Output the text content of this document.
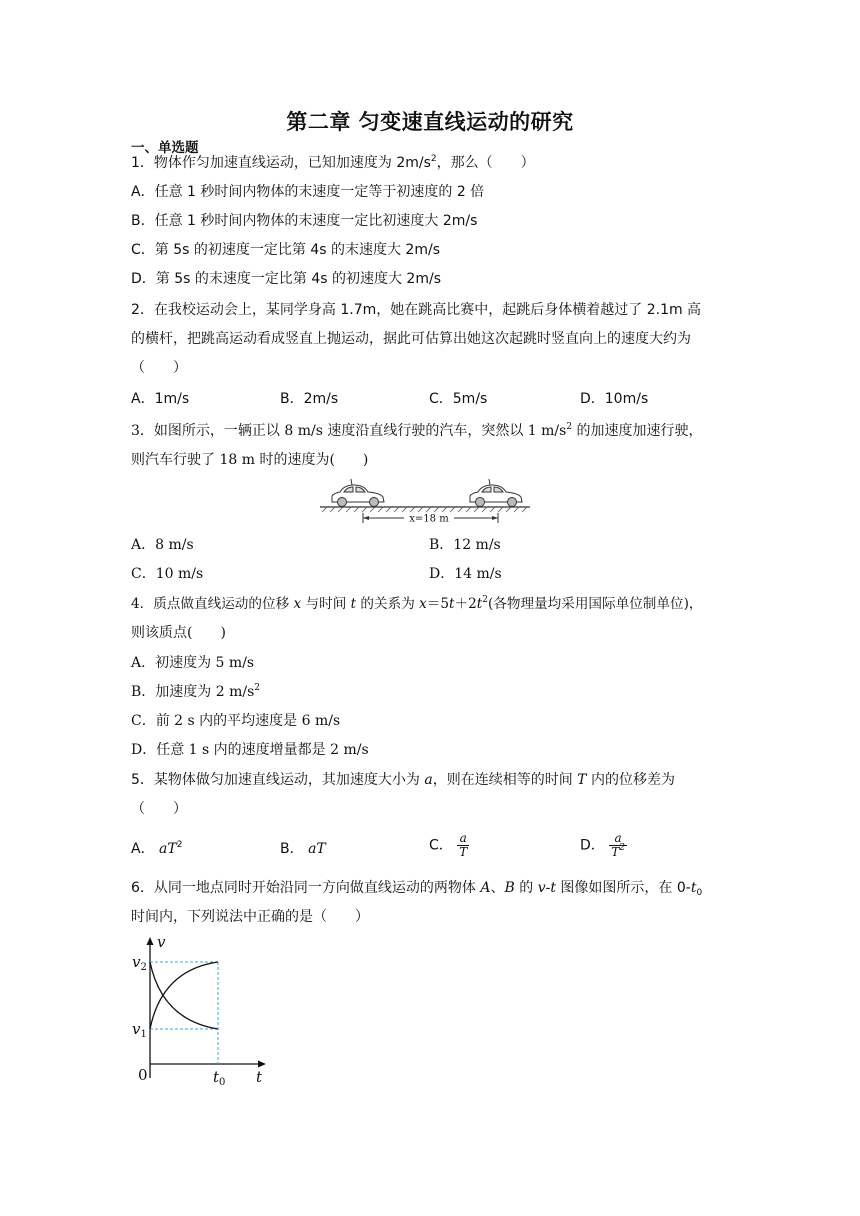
第二章 匀变速直线运动的研究
一、单选题
1．物体作匀加速直线运动，已知加速度为 $2m/s^2$，那么（　　）
A．任意 1 秒时间内物体的末速度一定等于初速度的 2 倍
B．任意 1 秒时间内物体的末速度一定比初速度大 2m/s
C．第 5s 的初速度一定比第 4s 的末速度大 2m/s
D．第 5s 的末速度一定比第 4s 的初速度大 2m/s
2．在我校运动会上，某同学身高 1.7m，她在跳高比赛中，起跳后身体横着越过了 2.1m 高
的横杆，把跳高运动看成竖直上抛运动，据此可估算出她这次起跳时竖直向上的速度大约为
（　　）
A．1m/s	B．2m/s	C．5m/s	D．10m/s
3．如图所示，一辆正以 8 m/s 速度沿直线行驶的汽车，突然以 1 $m/s^2$ 的加速度加速行驶，
则汽车行驶了 18 m 时的速度为(　　)
x=18 m
A．8 m/s	B．12 m/s
C．10 m/s	D．14 m/s
4．质点做直线运动的位移 x 与时间 t 的关系为 $x=5t+2t^2$(各物理量均采用国际单位制单位)，
则该质点(　　)
A．初速度为 5 m/s
B．加速度为 2 $m/s^2$
C．前 2 s 内的平均速度是 6 m/s
D．任意 1 s 内的速度增量都是 2 m/s
5．某物体做匀加速直线运动，其加速度大小为 a，则在连续相等的时间 T 内的位移差为
（　　）
A． $aT^2$	B． aT	C． $\frac{a}{T}$	D． $\frac{a}{T^2}$
6．从同一地点同时开始沿同一方向做直线运动的两物体 A、B 的 v-t 图像如图所示，在 $0-t_0$
时间内，下列说法中正确的是（　　）
v
$v_2$
$v_1$
0	$t_0$ t
